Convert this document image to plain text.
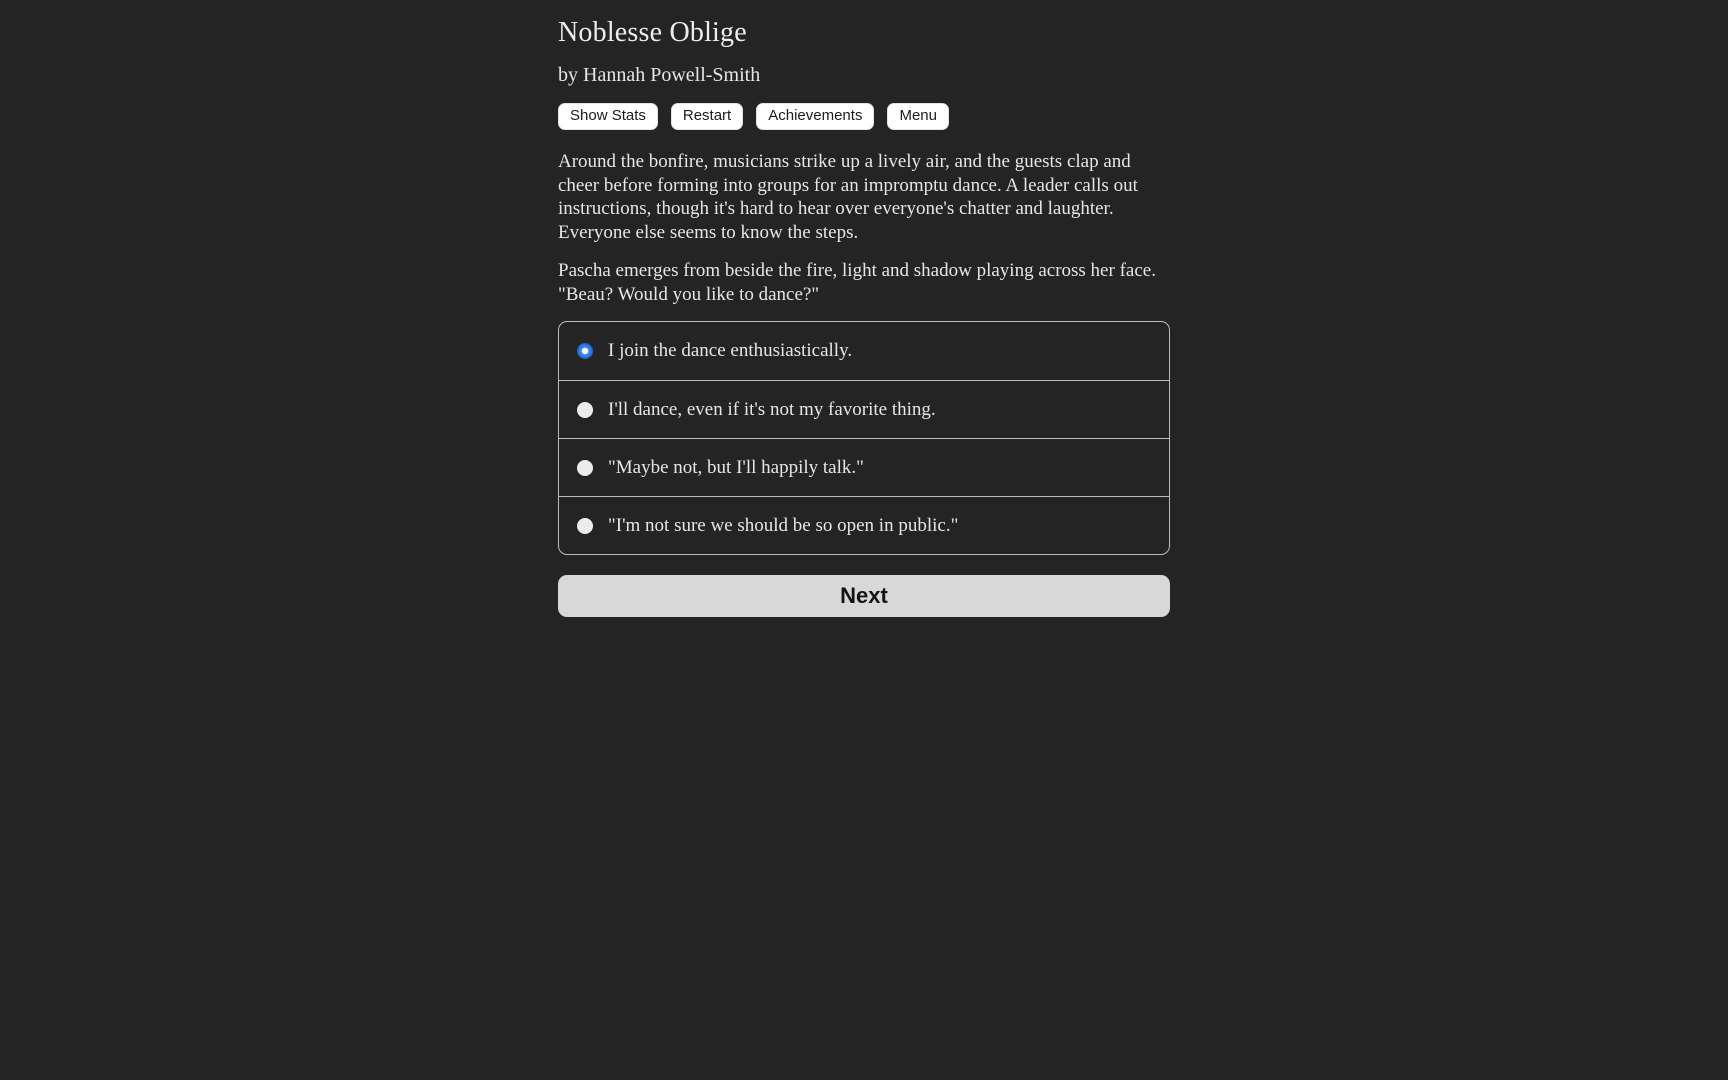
Noblesse Oblige
by Hannah Powell-Smith
Show Stats	Restart	Achievements	Menu

Around the bonfire, musicians strike up a lively air, and the guests clap and cheer before forming into groups for an impromptu dance. A leader calls out instructions, though it's hard to hear over everyone's chatter and laughter. Everyone else seems to know the steps.

Pascha emerges from beside the fire, light and shadow playing across her face. "Beau? Would you like to dance?"

I join the dance enthusiastically.
I'll dance, even if it's not my favorite thing.
"Maybe not, but I'll happily talk."
"I'm not sure we should be so open in public."
Next
